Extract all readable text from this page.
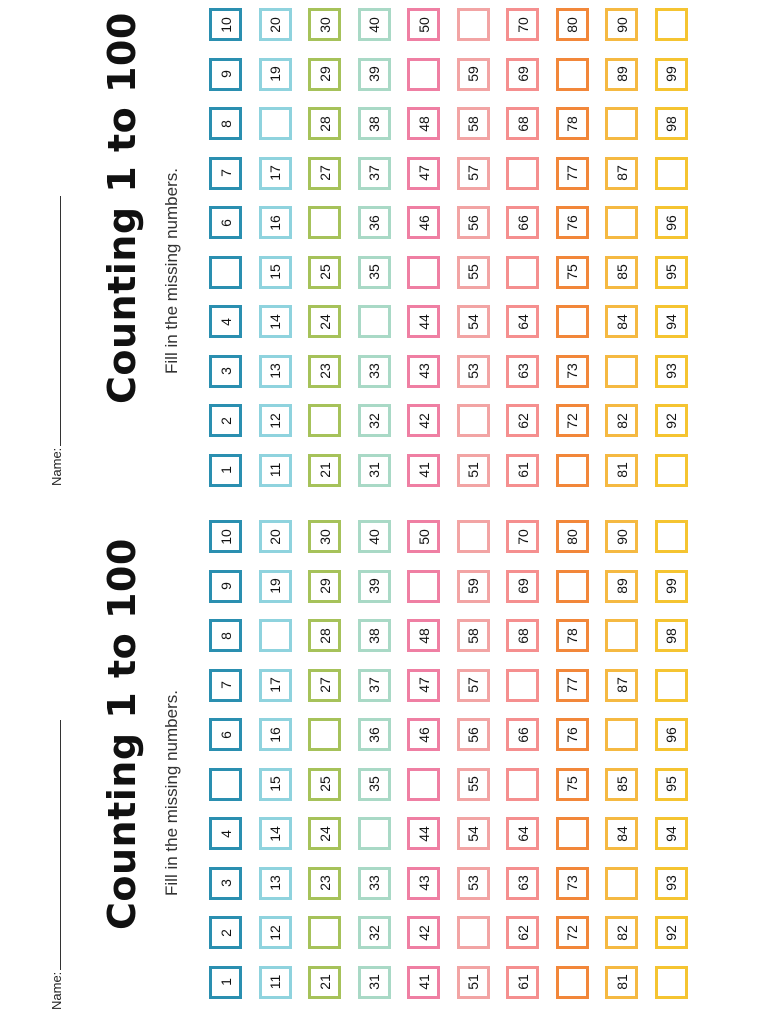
Name:
Counting 1 to 100 Fill in the missing numbers.
1
2
3
4
6
7
8
9
10
11
12
13
14
15
16
17
19
20
21
23
24
25
27
28
29
30
31
32
33
35
36
37
38
39
40
41
42
43
44
46
47
48
50
51
53
54
55
56
57
58
59
61
62
63
64
66
68
69
70
72
73
75
76
77
78
80
81
82
84
85
87
89
90
92
93
94
95
96
98
99
Name:
Counting 1 to 100 Fill in the missing numbers.
1
2
3
4
6
7
8
9
10
11
12
13
14
15
16
17
19
20
21
23
24
25
27
28
29
30
31
32
33
35
36
37
38
39
40
41
42
43
44
46
47
48
50
51
53
54
55
56
57
58
59
61
62
63
64
66
68
69
70
72
73
75
76
77
78
80
81
82
84
85
87
89
90
92
93
94
95
96
98
99
